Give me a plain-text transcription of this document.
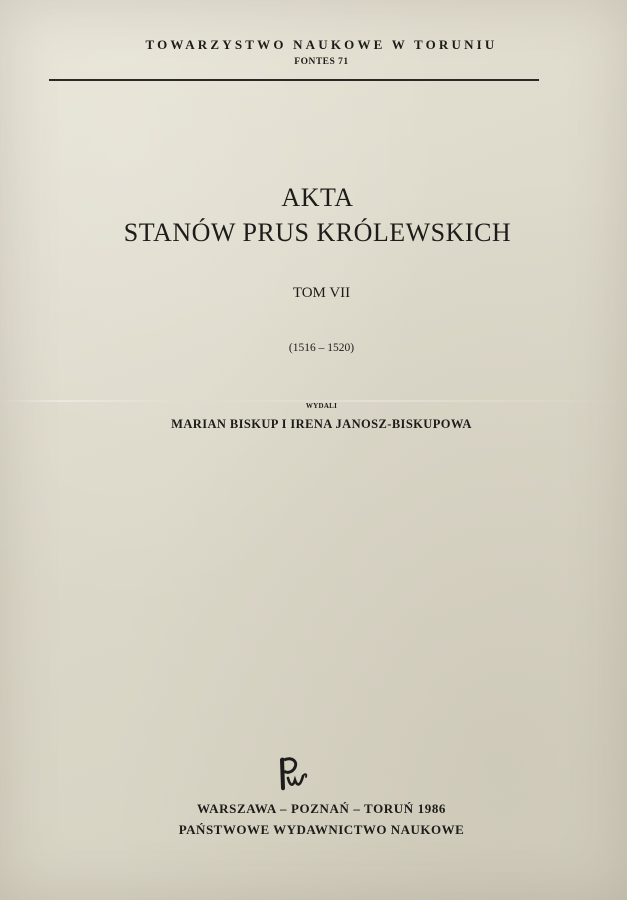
TOWARZYSTWO NAUKOWE W TORUNIU
FONTES 71
AKTA
STANÓW PRUS KRÓLEWSKICH
TOM VII
(1516 – 1520)
WYDALI
MARIAN BISKUP I IRENA JANOSZ-BISKUPOWA
WARSZAWA – POZNAŃ – TORUŃ 1986
PAŃSTWOWE WYDAWNICTWO NAUKOWE
